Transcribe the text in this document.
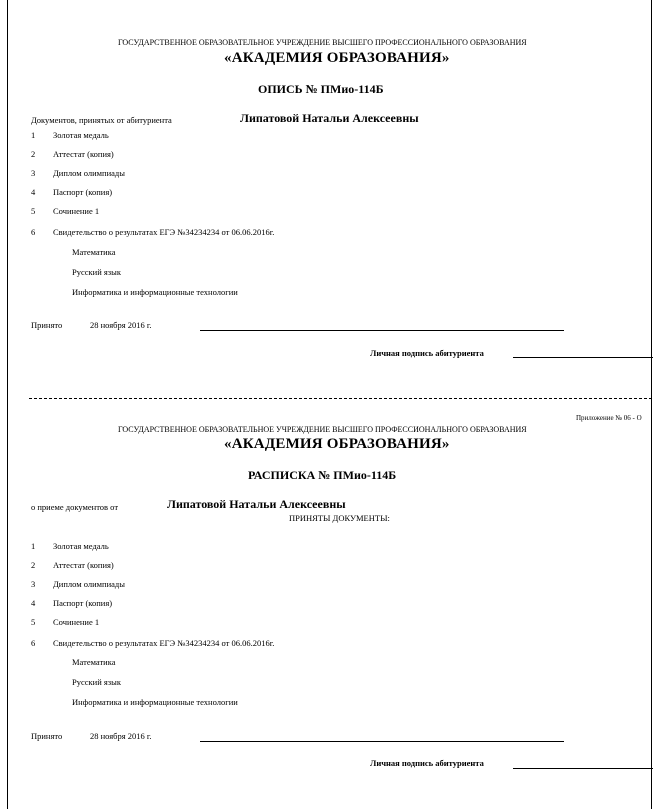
ГОСУДАРСТВЕННОЕ ОБРАЗОВАТЕЛЬНОЕ УЧРЕЖДЕНИЕ ВЫСШЕГО ПРОФЕССИОНАЛЬНОГО ОБРАЗОВАНИЯ
«АКАДЕМИЯ ОБРАЗОВАНИЯ»
ОПИСЬ № ПМио-114Б
Документов, принятых от абитуриента	Липатовой Натальи Алексеевны
1 Золотая медаль
2 Аттестат (копия)
3 Диплом олимпиады
4 Паспорт (копия)
5 Сочинение 1
6 Свидетельство о результатах ЕГЭ №34234234 от 06.06.2016г.
Математика
Русский язык
Информатика и информационные технологии
Принято	28 ноября 2016 г.
Личная подпись абитуриента
Приложение № 06 - О
ГОСУДАРСТВЕННОЕ ОБРАЗОВАТЕЛЬНОЕ УЧРЕЖДЕНИЕ ВЫСШЕГО ПРОФЕССИОНАЛЬНОГО ОБРАЗОВАНИЯ
«АКАДЕМИЯ ОБРАЗОВАНИЯ»
РАСПИСКА № ПМио-114Б
о приеме документов от	Липатовой Натальи Алексеевны
ПРИНЯТЫ ДОКУМЕНТЫ:
1 Золотая медаль
2 Аттестат (копия)
3 Диплом олимпиады
4 Паспорт (копия)
5 Сочинение 1
6 Свидетельство о результатах ЕГЭ №34234234 от 06.06.2016г.
Математика
Русский язык
Информатика и информационные технологии
Принято	28 ноября 2016 г.
Личная подпись абитуриента
